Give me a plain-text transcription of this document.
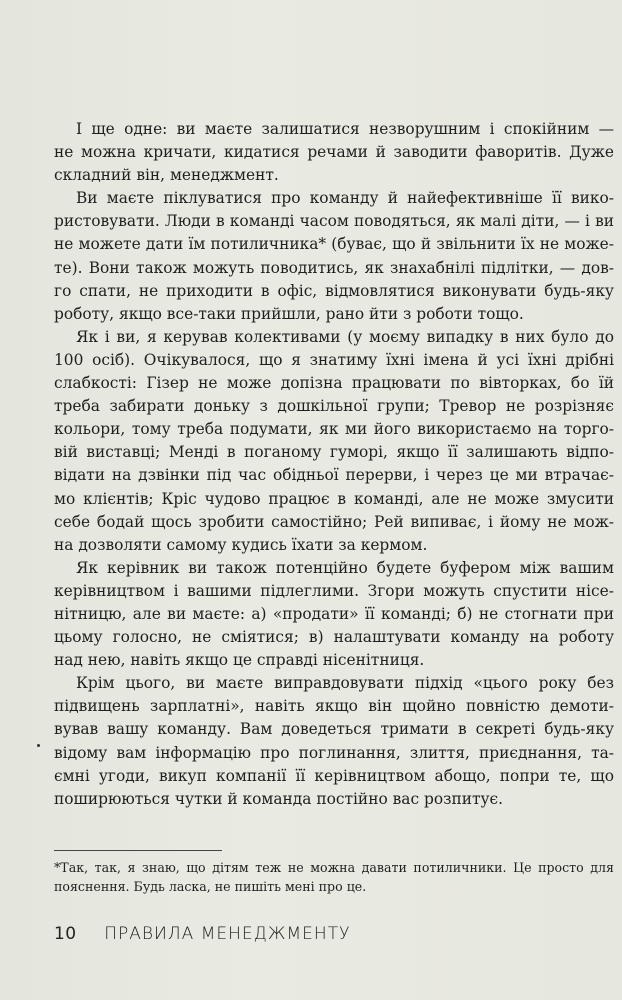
І ще одне: ви маєте залишатися незворушним і спокійним —
не можна кричати, кидатися речами й заводити фаворитів. Дуже
складний він, менеджмент.

Ви маєте піклуватися про команду й найефективніше її вико-
ристовувати. Люди в команді часом поводяться, як малі діти, — і ви
не можете дати їм потиличника* (буває, що й звільнити їх не може-
те). Вони також можуть поводитись, як знахабнілі підлітки, — дов-
го спати, не приходити в офіс, відмовлятися виконувати будь-яку
роботу, якщо все-таки прийшли, рано йти з роботи тощо.

Як і ви, я керував колективами (у моєму випадку в них було до
100 осіб). Очікувалося, що я знатиму їхні імена й усі їхні дрібні
слабкості: Гізер не може допізна працювати по вівторках, бо їй
треба забирати доньку з дошкільної групи; Тревор не розрізняє
кольори, тому треба подумати, як ми його використаємо на торго-
вій виставці; Менді в поганому гуморі, якщо її залишають відпо-
відати на дзвінки під час обідньої перерви, і через це ми втрачає-
мо клієнтів; Кріс чудово працює в команді, але не може змусити
себе бодай щось зробити самостійно; Рей випиває, і йому не мож-
на дозволяти самому кудись їхати за кермом.

Як керівник ви також потенційно будете буфером між вашим
керівництвом і вашими підлеглими. Згори можуть спустити нісе-
нітницю, але ви маєте: а) «продати» її команді; б) не стогнати при
цьому голосно, не сміятися; в) налаштувати команду на роботу
над нею, навіть якщо це справді нісенітниця.

Крім цього, ви маєте виправдовувати підхід «цього року без
підвищень зарплатні», навіть якщо він щойно повністю демоти-
вував вашу команду. Вам доведеться тримати в секреті будь-яку
відому вам інформацію про поглинання, злиття, приєднання, та-
ємні угоди, викуп компанії її керівництвом абощо, попри те, що
поширюються чутки й команда постійно вас розпитує.

*Так, так, я знаю, що дітям теж не можна давати потиличники. Це просто для
пояснення. Будь ласка, не пишіть мені про це.
10 ПРАВИЛА МЕНЕДЖМЕНТУ
